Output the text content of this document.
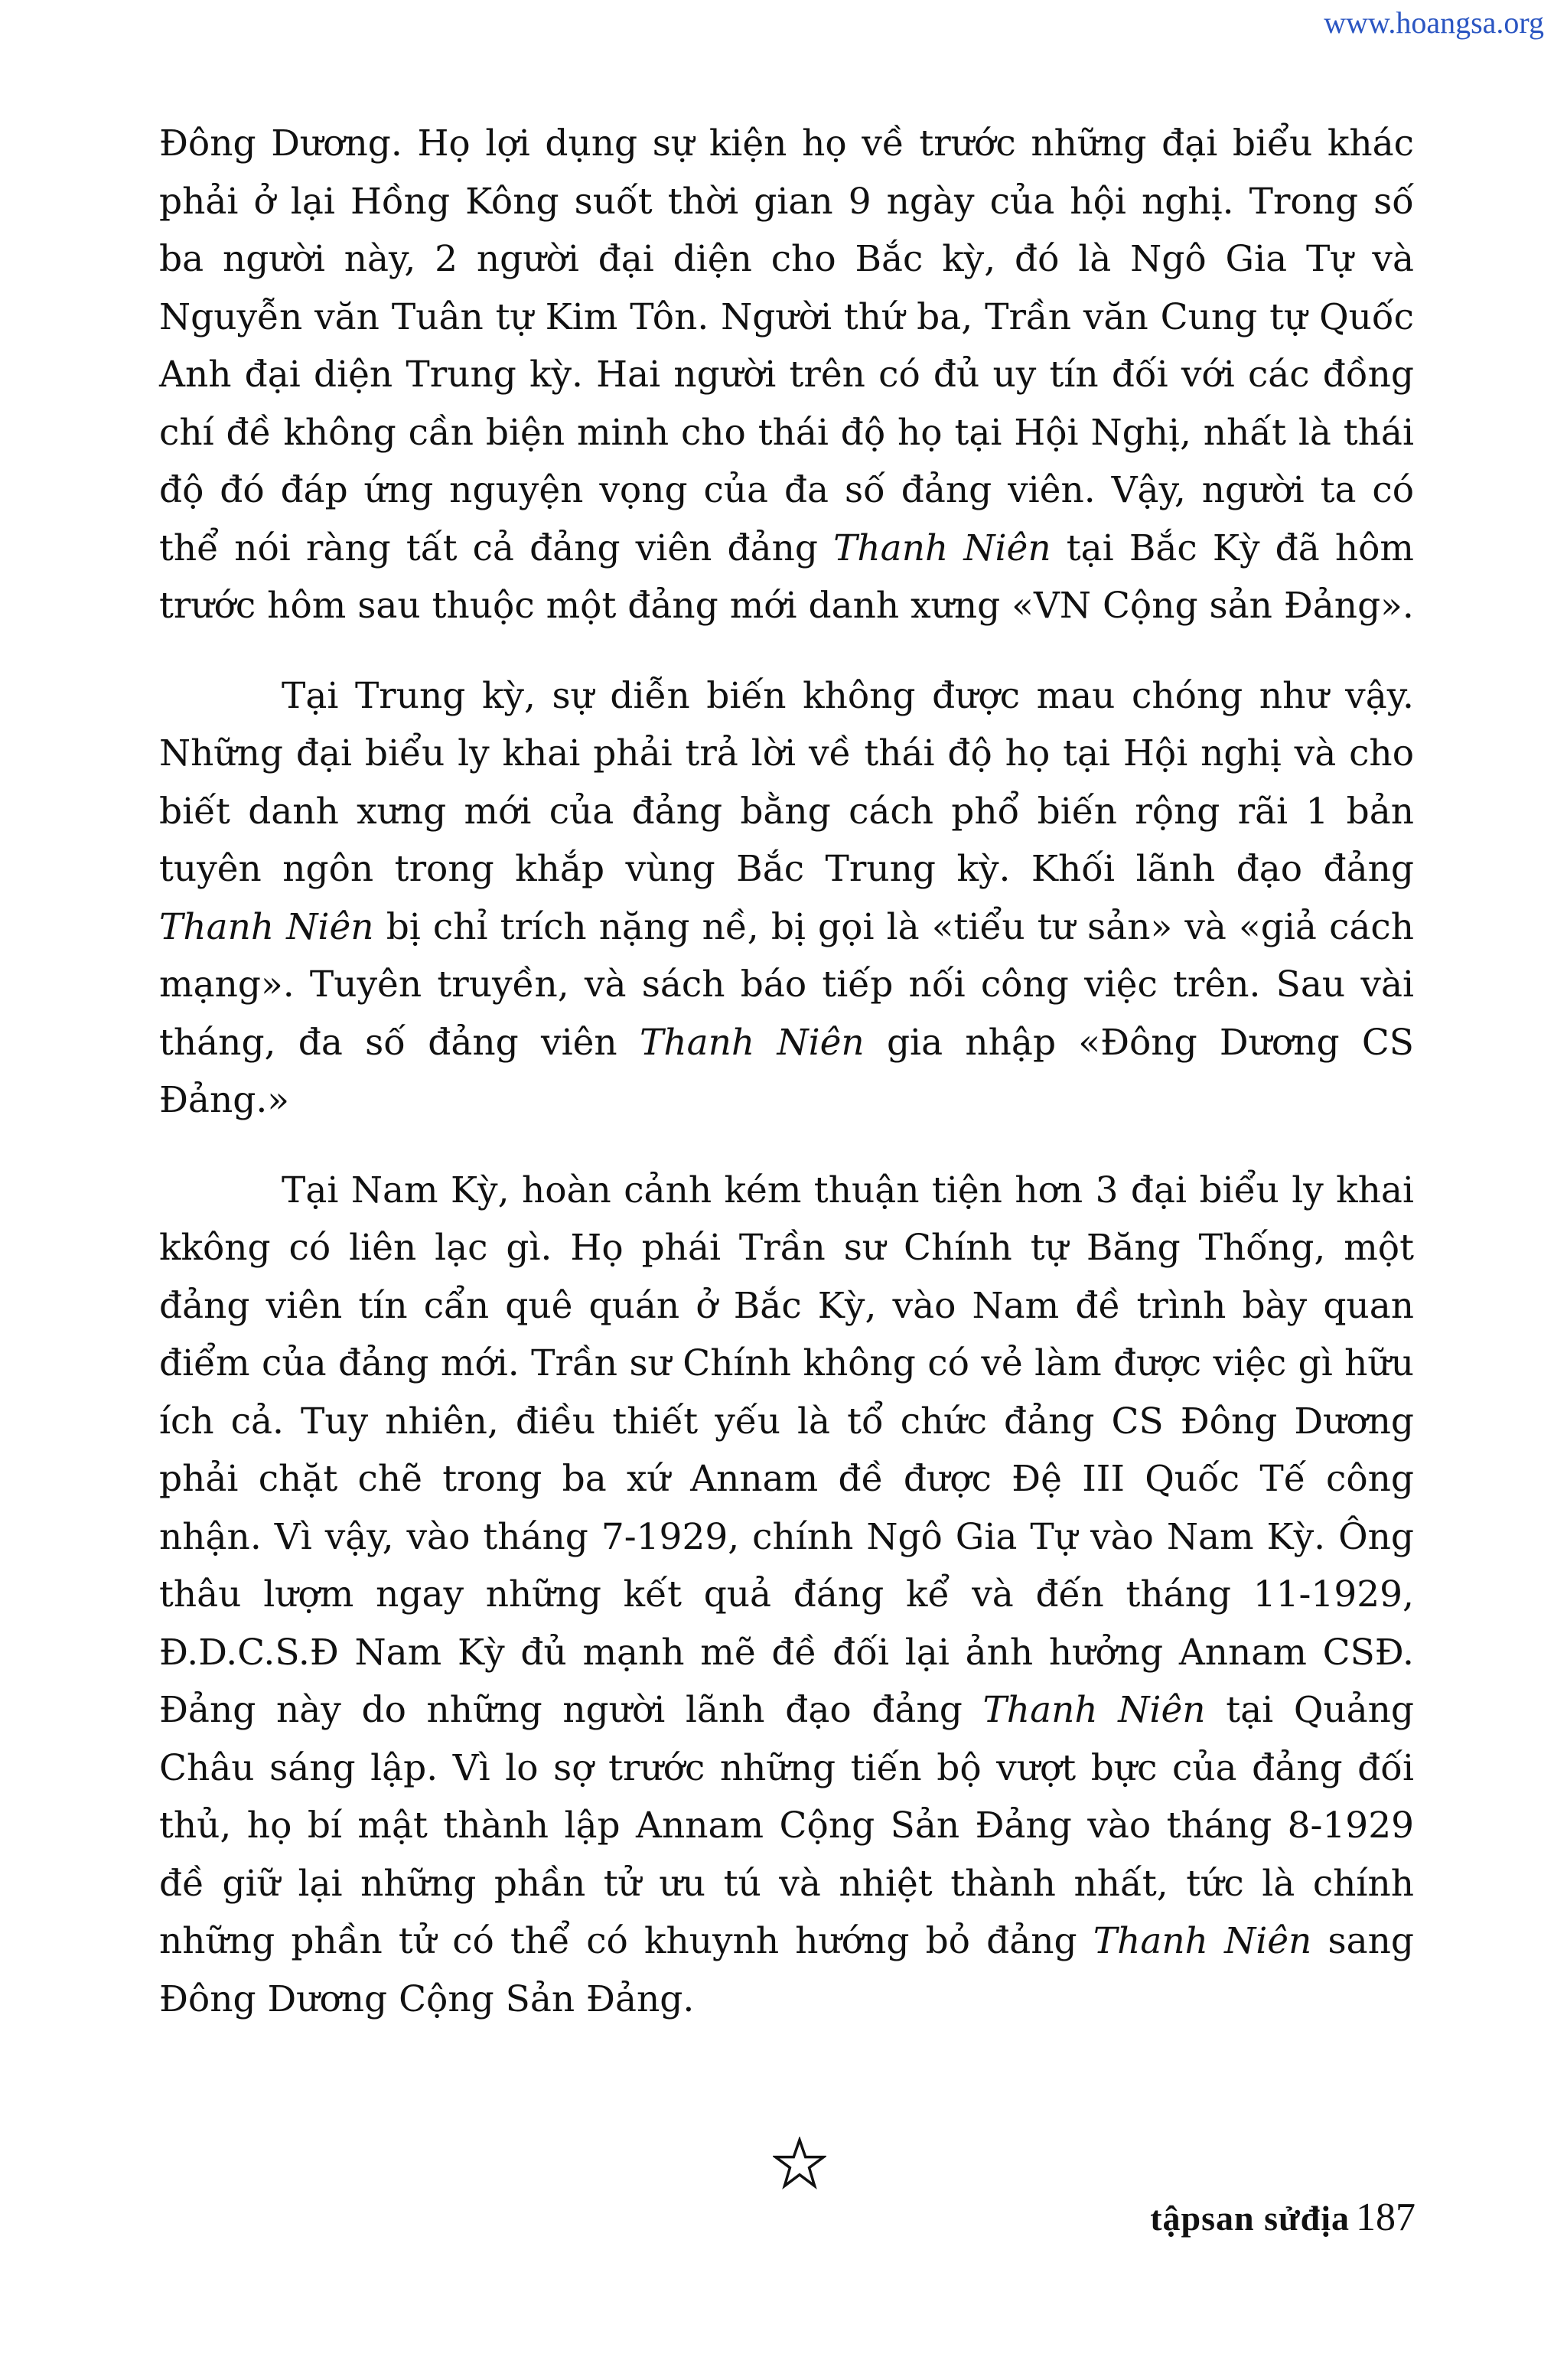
www.hoangsa.org

Đông Dương. Họ lợi dụng sự kiện họ về trước những đại biểu khác phải ở lại Hồng Kông suốt thời gian 9 ngày của hội nghị. Trong số ba người này, 2 người đại diện cho Bắc kỳ, đó là Ngô Gia Tự và Nguyễn văn Tuân tự Kim Tôn. Người thứ ba, Trần văn Cung tự Quốc Anh đại diện Trung kỳ. Hai người trên có đủ uy tín đối với các đồng chí đề không cần biện minh cho thái độ họ tại Hội Nghị, nhất là thái độ đó đáp ứng nguyện vọng của đa số đảng viên. Vậy, người ta có thể nói ràng tất cả đảng viên đảng Thanh Niên tại Bắc Kỳ đã hôm trước hôm sau thuộc một đảng mới danh xưng «VN Cộng sản Đảng».

Tại Trung kỳ, sự diễn biến không được mau chóng như vậy. Những đại biểu ly khai phải trả lời về thái độ họ tại Hội nghị và cho biết danh xưng mới của đảng bằng cách phổ biến rộng rãi 1 bản tuyên ngôn trong khắp vùng Bắc Trung kỳ. Khối lãnh đạo đảng Thanh Niên bị chỉ trích nặng nề, bị gọi là «tiểu tư sản» và «giả cách mạng». Tuyên truyền, và sách báo tiếp nối công việc trên. Sau vài tháng, đa số đảng viên Thanh Niên gia nhập «Đông Dương CS Đảng.»

Tại Nam Kỳ, hoàn cảnh kém thuận tiện hơn 3 đại biểu ly khai kkông có liên lạc gì. Họ phái Trần sư Chính tự Băng Thống, một đảng viên tín cẩn quê quán ở Bắc Kỳ, vào Nam đề trình bày quan điểm của đảng mới. Trần sư Chính không có vẻ làm được việc gì hữu ích cả. Tuy nhiên, điều thiết yếu là tổ chức đảng CS Đông Dương phải chặt chẽ trong ba xứ Annam đề được Đệ III Quốc Tế công nhận. Vì vậy, vào tháng 7-1929, chính Ngô Gia Tự vào Nam Kỳ. Ông thâu lượm ngay những kết quả đáng kể và đến tháng 11-1929, Đ.D.C.S.Đ Nam Kỳ đủ mạnh mẽ đề đối lại ảnh hưởng Annam CSĐ. Đảng này do những người lãnh đạo đảng Thanh Niên tại Quảng Châu sáng lập. Vì lo sợ trước những tiến bộ vượt bực của đảng đối thủ, họ bí mật thành lập Annam Cộng Sản Đảng vào tháng 8-1929 đề giữ lại những phần tử ưu tú và nhiệt thành nhất, tức là chính những phần tử có thể có khuynh hướng bỏ đảng Thanh Niên sang Đông Dương Cộng Sản Đảng.

tậpsan sửđịa 187
